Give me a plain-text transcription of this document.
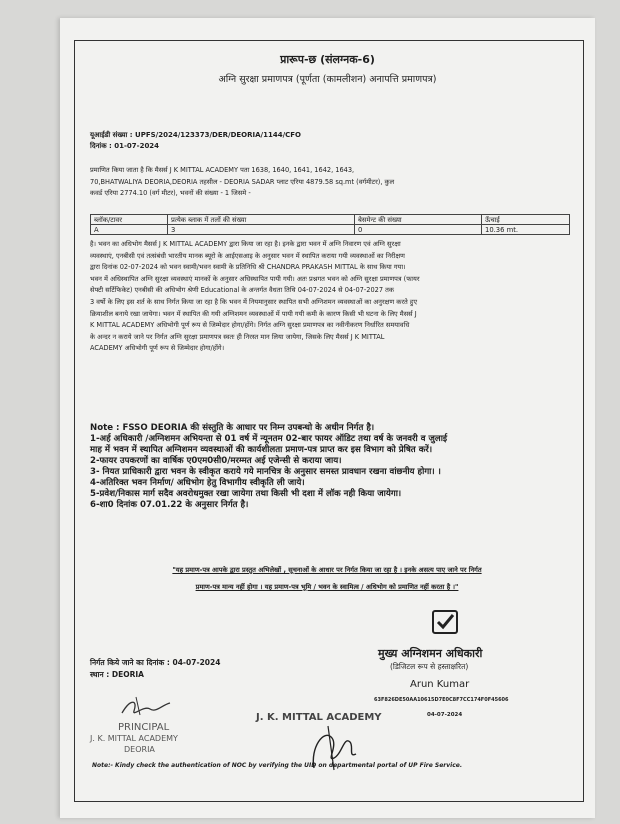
प्रारूप-छ (संलग्नक-6)
अग्नि सुरक्षा प्रमाणपत्र (पूर्णता (कामलीशन) अनापत्ति प्रमाणपत्र)
यूआईडी संख्या : UPFS/2024/123373/DER/DEORIA/1144/CFO
दिनांक : 01-07-2024
प्रमाणित किया जाता है कि मैसर्स J K MITTAL ACADEMY पता 1638, 1640, 1641, 1642, 1643,
70,BHATWALIYA DEORIA,DEORIA तहसील - DEORIA SADAR प्लाट एरिया 4879.58 sq.mt (वर्गमीटर), कुल
कवर्ड एरिया 2774.10 (वर्ग मीटर), भवनों की संख्या - 1 जिसमे -
ब्लॉक/टावर	प्रत्येक ब्लाक में तलों की संख्या	बेसमेन्ट की संख्या	ऊँचाई
A	3	0	10.36 mt.
है। भवन का अधिभोग मैसर्स J K MITTAL ACADEMY द्वारा किया जा रहा है। इनके द्वारा भवन में अग्नि निवारण एवं अग्नि सुरक्षा
व्यवस्थाएं, एनबीसी एवं तत्संबंधी भारतीय मानक ब्यूरो के आईएसआइ के अनुसार भवन में स्थापित कराया गयी व्यवस्थाओं का निरीक्षण
द्वारा दिनांक 02-07-2024 को भवन स्वामी/भवन स्वामी के प्रतिनिधि श्री CHANDRA PRAKASH MITTAL के साथ किया गया।
भवन में अधिस्थापित अग्नि सुरक्षा व्यवस्थाएं मानकों के अनुसार अधिस्थापित पायी गयी। अतः प्रश्नगत भवन को अग्नि सुरक्षा प्रमाणपत्र (फायर
सेफ्टी सर्टिफिकेट) एनबीसी की अधिभोग श्रेणी Educational के अन्तर्गत वैधता तिथि 04-07-2024 से 04-07-2027 तक
3 वर्षो के लिए इस शर्त के साथ निर्गत किया जा रहा है कि भवन में नियमानुसार स्थापित सभी अग्निशमन व्यवस्थाओं का अनुरक्षण करते हुए
क्रियाशील बनाये रखा जायेगा। भवन में स्थापित की गयी अग्निशमन व्यवस्थाओं में पायी गयी कमी के कारण किसी भी घटना के लिए मैसर्स J
K MITTAL ACADEMY अधिभोगी पूर्ण रूप से जिम्मेदार होगा/होंगे। निर्गत अग्नि सुरक्षा प्रमाणपत्र का नवीनीकरण निर्धारित समयावधि
के अन्दर न कराये जाने पर निर्गत अग्नि सुरक्षा प्रमाणपत्र स्वतः ही निरस्त मान लिया जायेगा, जिसके लिए मैसर्स J K MITTAL
ACADEMY अधिभोगी पूर्ण रूप से जिम्मेदार होगा/होंगे।
Note : FSSO DEORIA की संस्तुति के आधार पर निम्न उपबन्धो के अधीन निर्गत है।
1-अर्ह अधिकारी /अग्निशमन अभियन्ता से 01 वर्ष में न्यूनतम 02-बार फायर ऑडिट तथा वर्ष के जनवरी व जुलाई
माह में भवन में स्थापित अग्निशमन व्यवस्थाओं की कार्यशीलता प्रमाण-पत्र प्राप्त कर इस विभाग को प्रेषित करें।
2-फायर उपकरणों का वार्षिक ए0एम0सी0/मरम्मत अई एजेन्सी से कराया जाय।
3- नियत प्राधिकारी द्वारा भवन के स्वीकृत कराये गये मानचित्र के अनुसार समस्त प्रावधान रखना वांछनीय होगा। ।
4-अतिरिक्त भवन निर्माण/ अधिभोग हेतु विभागीय स्वीकृति ली जाये।
5-प्रवेश/निकास मार्ग सदैव अवरोधमुक्त रखा जायेगा तथा किसी भी दशा में लॉक नही किया जायेगा।
6-शा0 दिनांक 07.01.22 के अनुसार निर्गत है।
"यह प्रमाण-पत्र आपके द्वारा प्रस्तुत अभिलेखों , सूचनाओं के आधार पर निर्गत किया जा रहा है । इनके असत्य पाए जाने पर निर्गत
प्रमाण-पत्र मान्य नहीं होगा । यह प्रमाण-पत्र भूमि / भवन के स्वामित्व / अधिभोग को प्रमाणित नहीं करता है ।"
मुख्य अग्निशमन अधिकारी
(डिजिटल रूप से हस्ताक्षरित)
Arun Kumar
63F826DE50AA10615D7E0C8F7CC174F0F45606
04-07-2024
निर्गत किये जाने का दिनांक : 04-07-2024
स्थान : DEORIA
PRINCIPAL
J. K. MITTAL ACADEMY
DEORIA
J. K. MITTAL ACADEMY
Note:- Kindy check the authentication of NOC by verifying the UID on departmental portal of UP Fire Service.
